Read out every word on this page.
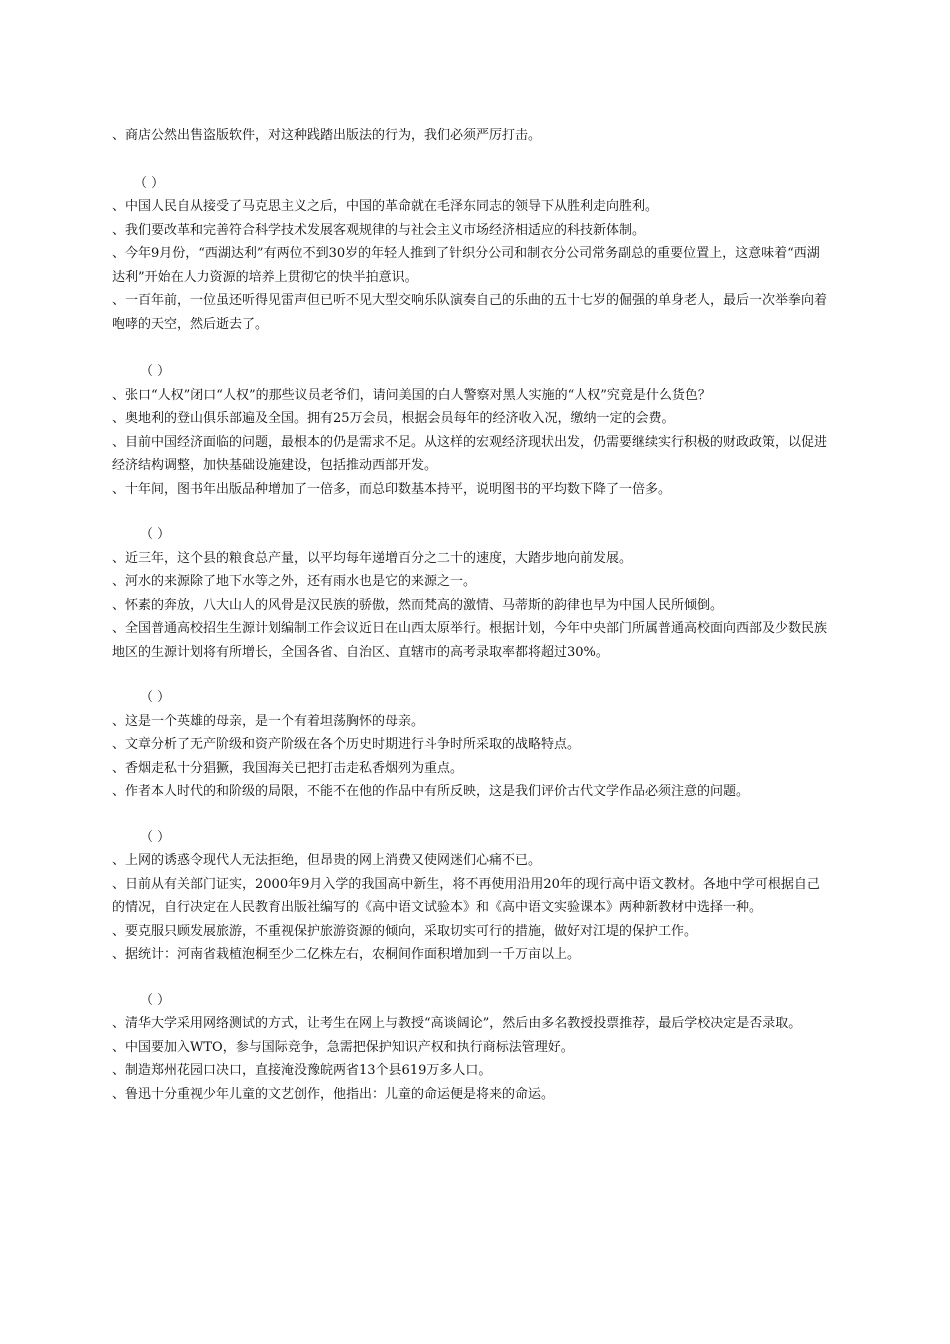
、商店公然出售盗版软件，对这种践踏出版法的行为，我们必须严厉打击。
（ ）
、中国人民自从接受了马克思主义之后，中国的革命就在毛泽东同志的领导下从胜利走向胜利。
、我们要改革和完善符合科学技术发展客观规律的与社会主义市场经济相适应的科技新体制。
、今年9月份，“西湖达利”有两位不到30岁的年轻人推到了针织分公司和制衣分公司常务副总的重要位置上，这意味着“西湖达利”开始在人力资源的培养上贯彻它的快半拍意识。
、一百年前，一位虽还听得见雷声但已听不见大型交响乐队演奏自己的乐曲的五十七岁的倔强的单身老人，最后一次举拳向着咆哮的天空，然后逝去了。
（ ）
、张口“人权”闭口“人权”的那些议员老爷们，请问美国的白人警察对黑人实施的“人权”究竟是什么货色？
、奥地利的登山俱乐部遍及全国。拥有25万会员，根据会员每年的经济收入况，缴纳一定的会费。
、目前中国经济面临的问题，最根本的仍是需求不足。从这样的宏观经济现状出发，仍需要继续实行积极的财政政策，以促进经济结构调整，加快基础设施建设，包括推动西部开发。
、十年间，图书年出版品种增加了一倍多，而总印数基本持平，说明图书的平均数下降了一倍多。
（ ）
、近三年，这个县的粮食总产量，以平均每年递增百分之二十的速度，大踏步地向前发展。
、河水的来源除了地下水等之外，还有雨水也是它的来源之一。
、怀素的奔放，八大山人的风骨是汉民族的骄傲，然而梵高的激情、马蒂斯的韵律也早为中国人民所倾倒。
、全国普通高校招生生源计划编制工作会议近日在山西太原举行。根据计划，今年中央部门所属普通高校面向西部及少数民族地区的生源计划将有所增长，全国各省、自治区、直辖市的高考录取率都将超过30%。
（ ）
、这是一个英雄的母亲，是一个有着坦荡胸怀的母亲。
、文章分析了无产阶级和资产阶级在各个历史时期进行斗争时所采取的战略特点。
、香烟走私十分猖獗，我国海关已把打击走私香烟列为重点。
、作者本人时代的和阶级的局限，不能不在他的作品中有所反映，这是我们评价古代文学作品必须注意的问题。
（ ）
、上网的诱惑令现代人无法拒绝，但昂贵的网上消费又使网迷们心痛不已。
、日前从有关部门证实，2000年9月入学的我国高中新生，将不再使用沿用20年的现行高中语文教材。各地中学可根据自己的情况，自行决定在人民教育出版社编写的《高中语文试验本》和《高中语文实验课本》两种新教材中选择一种。
、要克服只顾发展旅游，不重视保护旅游资源的倾向，采取切实可行的措施，做好对江堤的保护工作。
、据统计：河南省栽植泡桐至少二亿株左右，农桐间作面积增加到一千万亩以上。
（ ）
、清华大学采用网络测试的方式，让考生在网上与教授“高谈阔论”，然后由多名教授投票推荐，最后学校决定是否录取。
、中国要加入WTO，参与国际竞争，急需把保护知识产权和执行商标法管理好。
、制造郑州花园口决口，直接淹没豫皖两省13个县619万多人口。
、鲁迅十分重视少年儿童的文艺创作，他指出：儿童的命运便是将来的命运。
